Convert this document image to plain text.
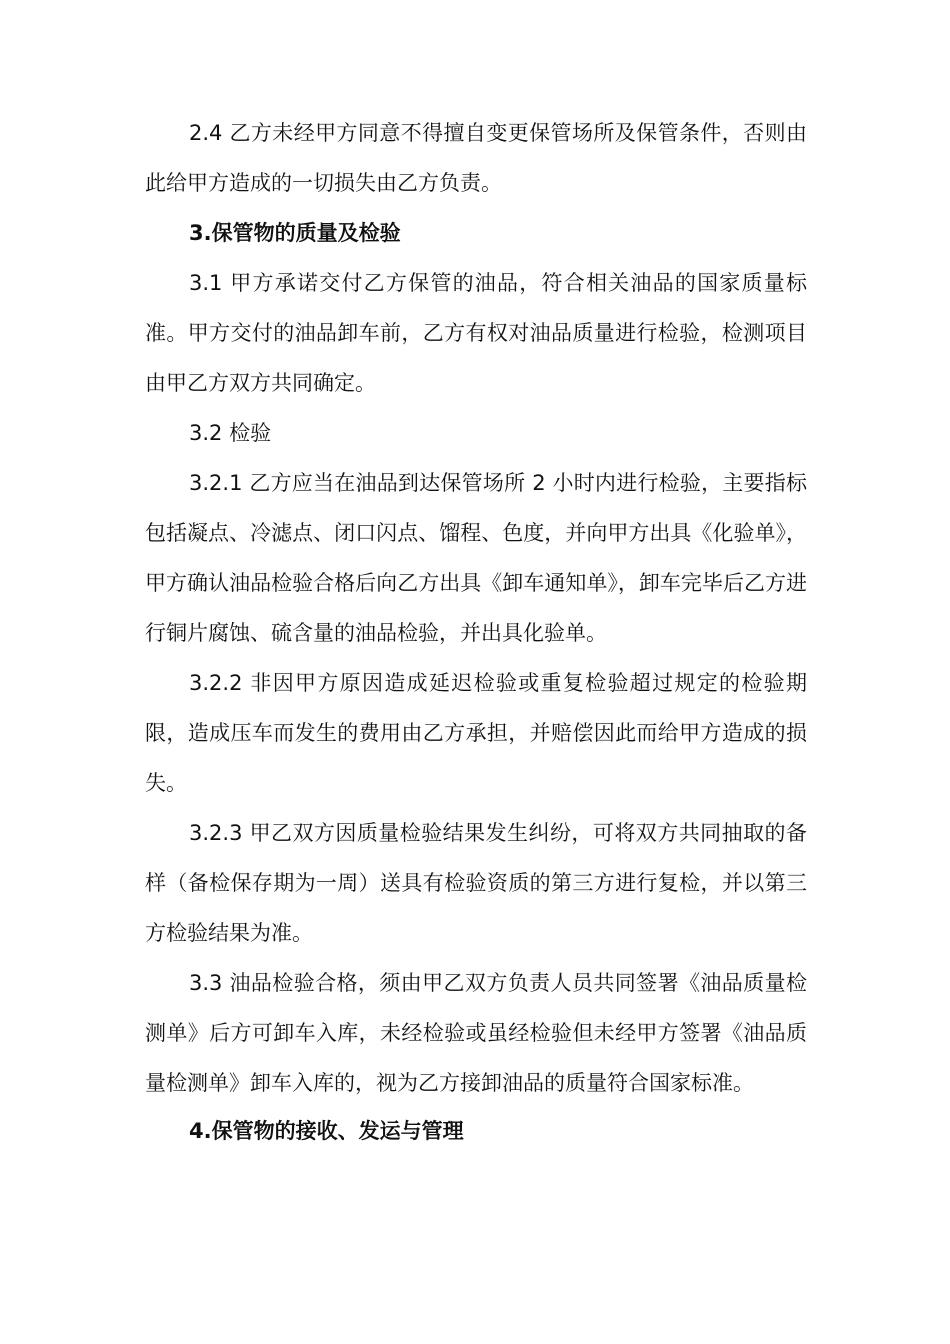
2.4 乙方未经甲方同意不得擅自变更保管场所及保管条件，否则由此给甲方造成的一切损失由乙方负责。

3.保管物的质量及检验

3.1 甲方承诺交付乙方保管的油品，符合相关油品的国家质量标准。甲方交付的油品卸车前，乙方有权对油品质量进行检验，检测项目由甲乙方双方共同确定。

3.2 检验

3.2.1 乙方应当在油品到达保管场所 2 小时内进行检验，主要指标包括凝点、冷滤点、闭口闪点、馏程、色度，并向甲方出具《化验单》，甲方确认油品检验合格后向乙方出具《卸车通知单》，卸车完毕后乙方进行铜片腐蚀、硫含量的油品检验，并出具化验单。

3.2.2 非因甲方原因造成延迟检验或重复检验超过规定的检验期限，造成压车而发生的费用由乙方承担，并赔偿因此而给甲方造成的损失。

3.2.3 甲乙双方因质量检验结果发生纠纷，可将双方共同抽取的备样（备检保存期为一周）送具有检验资质的第三方进行复检，并以第三方检验结果为准。

3.3 油品检验合格，须由甲乙双方负责人员共同签署《油品质量检测单》后方可卸车入库，未经检验或虽经检验但未经甲方签署《油品质量检测单》卸车入库的，视为乙方接卸油品的质量符合国家标准。

4.保管物的接收、发运与管理
